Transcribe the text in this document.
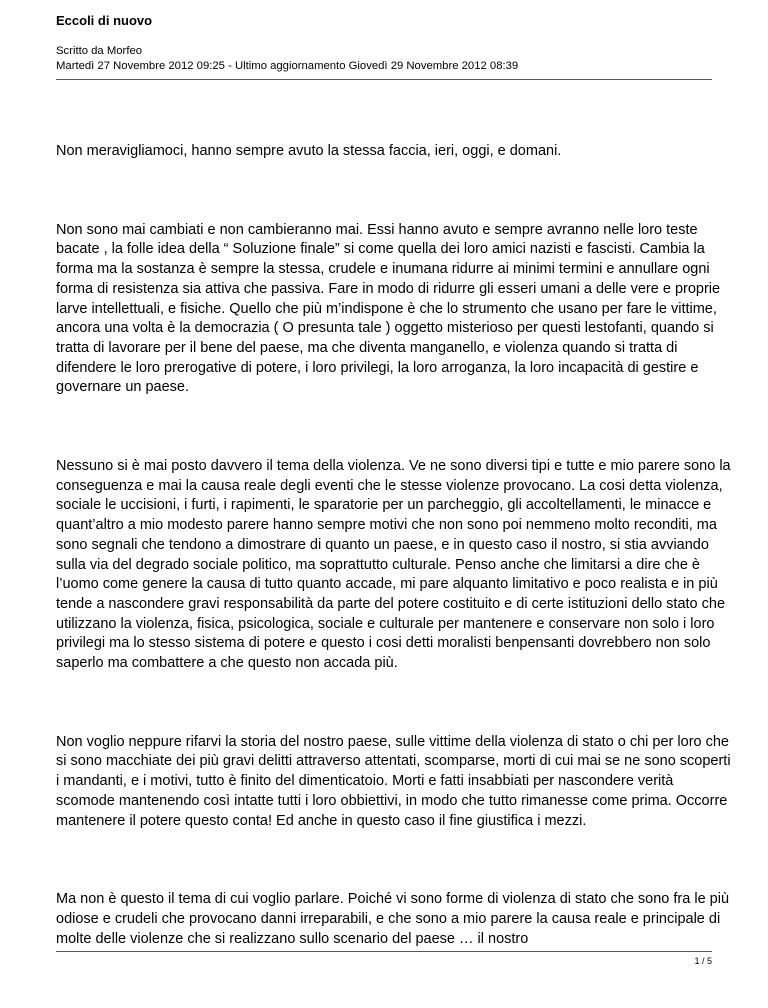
Eccoli di nuovo
Scritto da Morfeo
Martedì 27 Novembre 2012 09:25 - Ultimo aggiornamento Giovedì 29 Novembre 2012 08:39

Non meravigliamoci, hanno sempre avuto la stessa faccia, ieri, oggi, e domani.

Non sono mai cambiati e non cambieranno mai. Essi hanno avuto e sempre avranno nelle loro teste bacate , la folle idea della “ Soluzione finale” si come quella dei loro amici nazisti e fascisti. Cambia la forma ma la sostanza è sempre la stessa, crudele e inumana ridurre ai minimi termini e annullare ogni forma di resistenza sia attiva che passiva. Fare in modo di ridurre gli esseri umani a delle vere e proprie larve intellettuali, e fisiche. Quello che più m’indispone è che lo strumento che usano per fare le vittime, ancora una volta è la democrazia ( O presunta tale ) oggetto misterioso per questi lestofanti, quando si tratta di lavorare per il bene del paese, ma che diventa manganello, e violenza quando si tratta di difendere le loro prerogative di potere, i loro privilegi, la loro arroganza, la loro incapacità di gestire e governare un paese.

Nessuno si è mai posto davvero il tema della violenza. Ve ne sono diversi tipi e tutte e mio parere sono la conseguenza e mai la causa reale degli eventi che le stesse violenze provocano. La cosi detta violenza, sociale le uccisioni, i furti, i rapimenti, le sparatorie per un parcheggio, gli accoltellamenti, le minacce e quant’altro a mio modesto parere hanno sempre motivi che non sono poi nemmeno molto reconditi, ma sono segnali che tendono a dimostrare di quanto un paese, e in questo caso il nostro, si stia avviando sulla via del degrado sociale politico, ma soprattutto culturale. Penso anche che limitarsi a dire che è l’uomo come genere la causa di tutto quanto accade, mi pare alquanto limitativo e poco realista e in più tende a nascondere gravi responsabilità da parte del potere costituito e di certe istituzioni dello stato che utilizzano la violenza, fisica, psicologica, sociale e culturale per mantenere e conservare non solo i loro privilegi ma lo stesso sistema di potere e questo i cosi detti moralisti benpensanti dovrebbero non solo saperlo ma combattere a che questo non accada più.

Non voglio neppure rifarvi la storia del nostro paese, sulle vittime della violenza di stato o chi per loro che si sono macchiate dei più gravi delitti attraverso attentati, scomparse, morti di cui mai se ne sono scoperti i mandanti, e i motivi, tutto è finito del dimenticatoio. Morti e fatti insabbiati per nascondere verità scomode mantenendo così intatte tutti i loro obbiettivi, in modo che tutto rimanesse come prima. Occorre mantenere il potere questo conta! Ed anche in questo caso il fine giustifica i mezzi.

Ma non è questo il tema di cui voglio parlare. Poiché vi sono forme di violenza di stato che sono fra le più odiose e crudeli che provocano danni irreparabili, e che sono a mio parere la causa reale e principale di molte delle violenze che si realizzano sullo scenario del paese … il nostro

1 / 5
